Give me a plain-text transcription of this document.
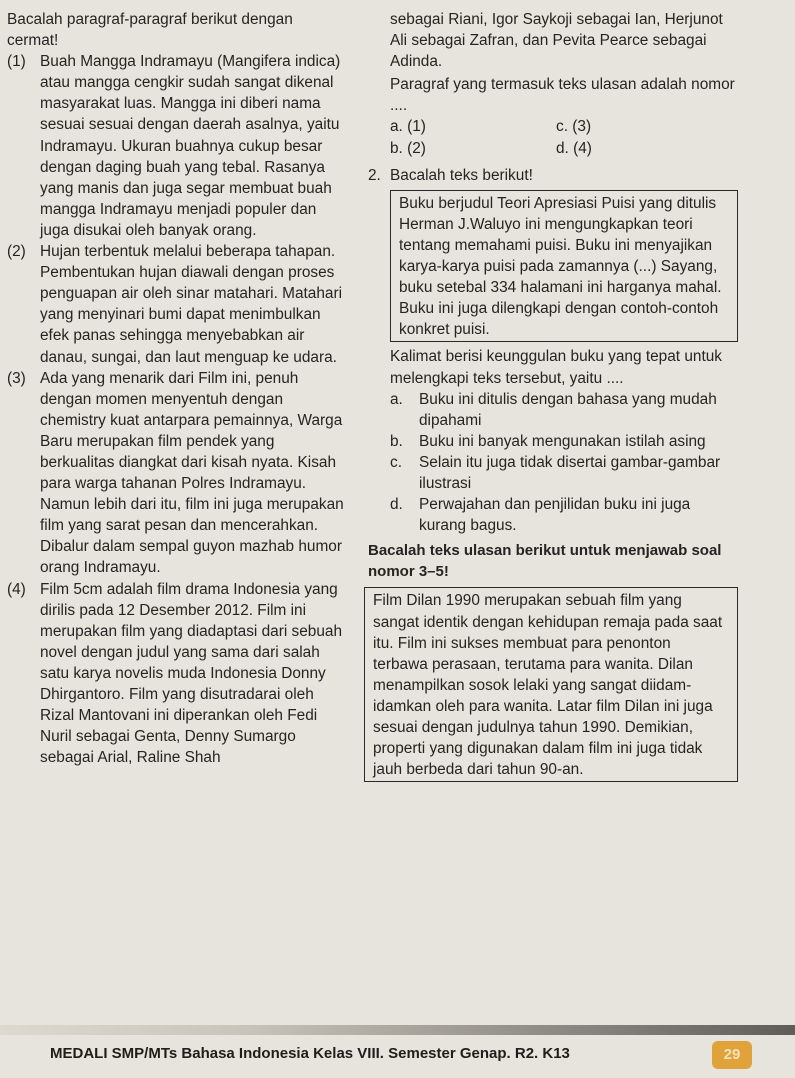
Bacalah paragraf-paragraf berikut dengan cermat!

(1) Buah Mangga Indramayu (Mangifera indica) atau mangga cengkir sudah sangat dikenal masyarakat luas. Mangga ini diberi nama sesuai sesuai dengan daerah asalnya, yaitu Indramayu. Ukuran buahnya cukup besar dengan daging buah yang tebal. Rasanya yang manis dan juga segar membuat buah mangga Indramayu menjadi populer dan juga disukai oleh banyak orang.
(2) Hujan terbentuk melalui beberapa tahapan. Pembentukan hujan diawali dengan proses penguapan air oleh sinar matahari. Matahari yang menyinari bumi dapat menimbulkan efek panas sehingga menyebabkan air danau, sungai, dan laut menguap ke udara.
(3) Ada yang menarik dari Film ini, penuh dengan momen menyentuh dengan chemistry kuat antarpara pemainnya, Warga Baru merupakan film pendek yang berkualitas diangkat dari kisah nyata. Kisah para warga tahanan Polres Indramayu. Namun lebih dari itu, film ini juga merupakan film yang sarat pesan dan mencerahkan. Dibalur dalam sempal guyon mazhab humor orang Indramayu.
(4) Film 5cm adalah film drama Indonesia yang dirilis pada 12 Desember 2012. Film ini merupakan film yang diadaptasi dari sebuah novel dengan judul yang sama dari salah satu karya novelis muda Indonesia Donny Dhirgantoro. Film yang disutradarai oleh Rizal Mantovani ini diperankan oleh Fedi Nuril sebagai Genta, Denny Sumargo sebagai Arial, Raline Shah

sebagai Riani, Igor Saykoji sebagai Ian, Herjunot Ali sebagai Zafran, dan Pevita Pearce sebagai Adinda.

Paragraf yang termasuk teks ulasan adalah nomor ....

a. (1)	c. (3)
b. (2)	d. (4)
2. Bacalah teks berikut!
Buku berjudul Teori Apresiasi Puisi yang ditulis Herman J.Waluyo ini mengungkapkan teori tentang memahami puisi. Buku ini menyajikan karya-karya puisi pada zamannya (...) Sayang, buku setebal 334 halamani ini harganya mahal. Buku ini juga dilengkapi dengan contoh-contoh konkret puisi.

Kalimat berisi keunggulan buku yang tepat untuk melengkapi teks tersebut, yaitu ....

a.	Buku ini ditulis dengan bahasa yang mudah dipahami
b.	Buku ini banyak mengunakan istilah asing
c.	Selain itu juga tidak disertai gambar-gambar ilustrasi
d.	Perwajahan dan penjilidan buku ini juga kurang bagus.

Bacalah teks ulasan berikut untuk menjawab soal nomor 3–5!

Film Dilan 1990 merupakan sebuah film yang sangat identik dengan kehidupan remaja pada saat itu. Film ini sukses membuat para penonton terbawa perasaan, terutama para wanita. Dilan menampilkan sosok lelaki yang sangat diidam-idamkan oleh para wanita. Latar film Dilan ini juga sesuai dengan judulnya tahun 1990. Demikian, properti yang digunakan dalam film ini juga tidak jauh berbeda dari tahun 90-an.
MEDALI SMP/MTs Bahasa Indonesia Kelas VIII. Semester Genap. R2. K13	29
